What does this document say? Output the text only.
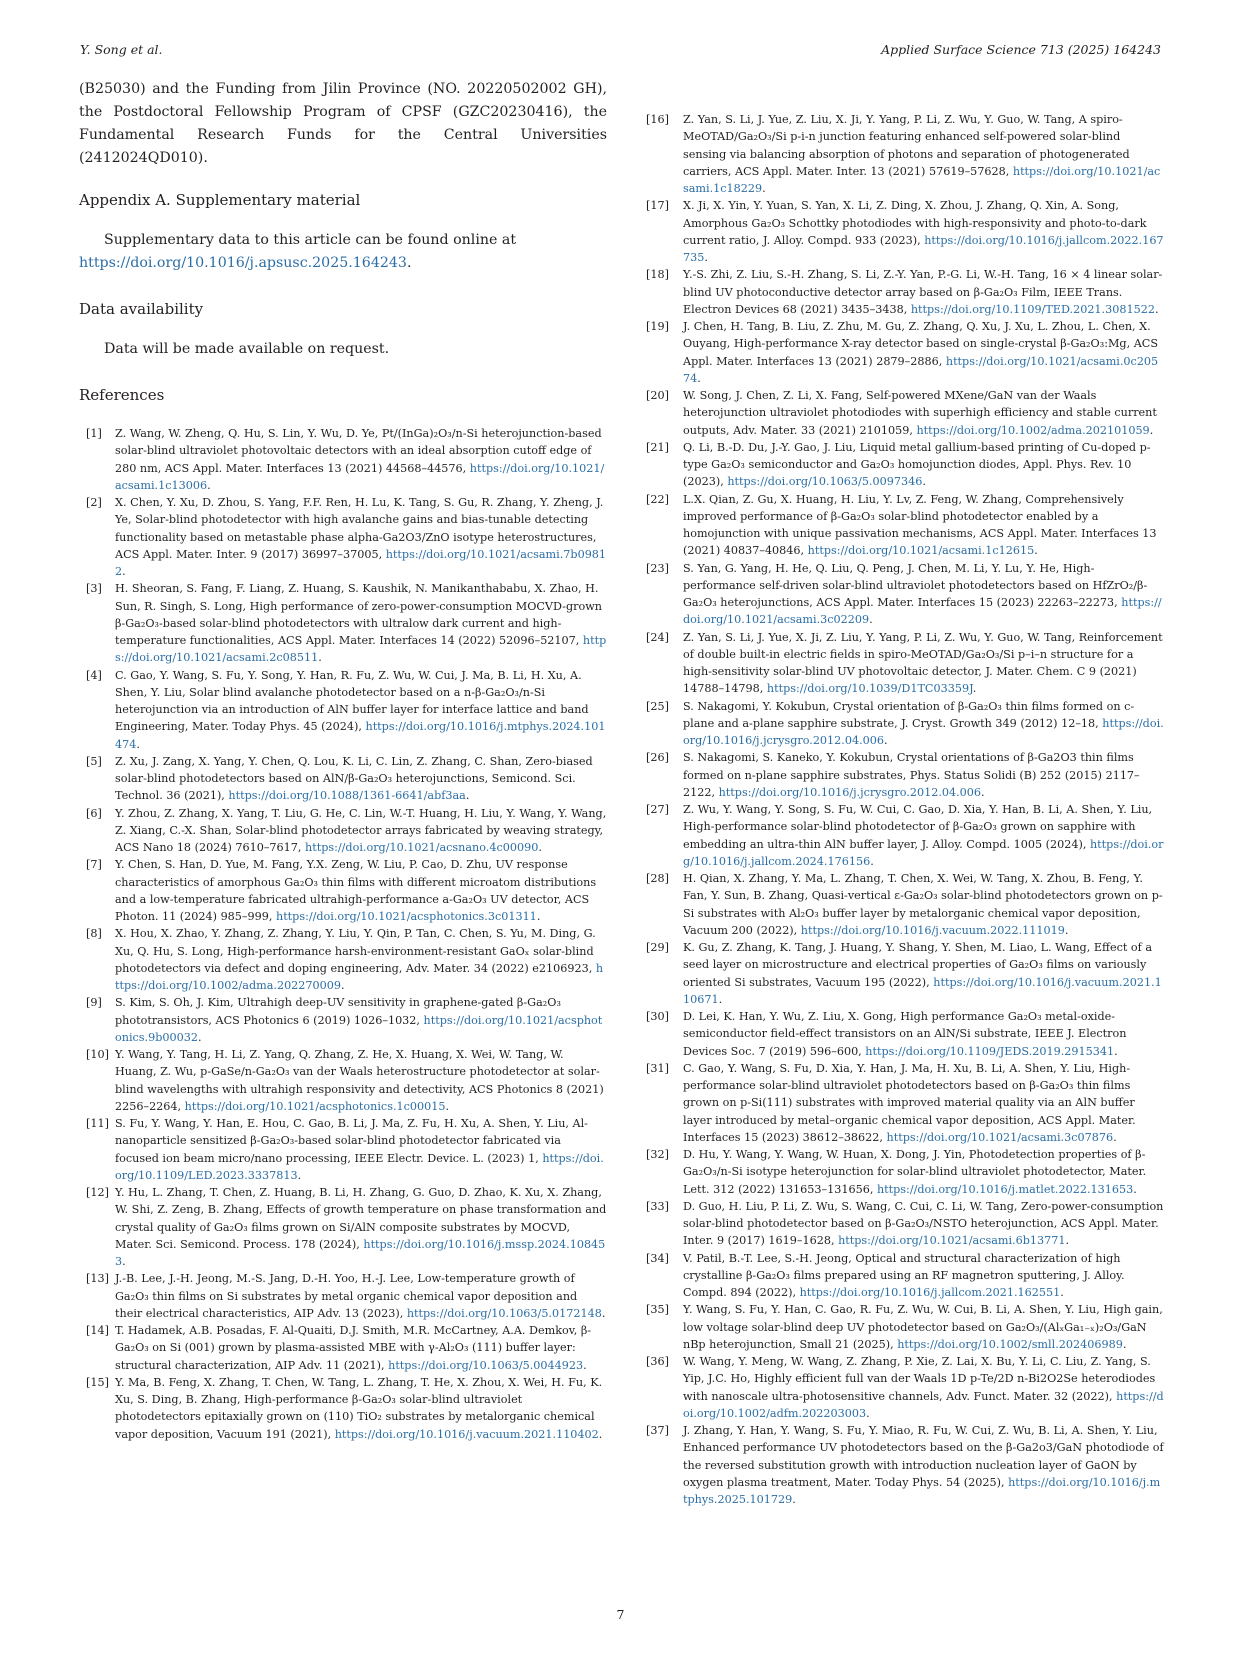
Y. Song et al.	Applied Surface Science 713 (2025) 164243

(B25030) and the Funding from Jilin Province (NO. 20220502002 GH), the Postdoctoral Fellowship Program of CPSF (GZC20230416), the Fundamental Research Funds for the Central Universities (2412024QD010).

Appendix A. Supplementary material

Supplementary data to this article can be found online at https://doi.org/10.1016/j.apsusc.2025.164243.

Data availability

Data will be made available on request.

References
[1]	Z. Wang, W. Zheng, Q. Hu, S. Lin, Y. Wu, D. Ye, Pt/(InGa)₂O₃/n-Si heterojunction-based solar-blind ultraviolet photovoltaic detectors with an ideal absorption cutoff edge of 280 nm, ACS Appl. Mater. Interfaces 13 (2021) 44568–44576, https://doi.org/10.1021/acsami.1c13006.
[2]	X. Chen, Y. Xu, D. Zhou, S. Yang, F.F. Ren, H. Lu, K. Tang, S. Gu, R. Zhang, Y. Zheng, J. Ye, Solar-blind photodetector with high avalanche gains and bias-tunable detecting functionality based on metastable phase alpha-Ga2O3/ZnO isotype heterostructures, ACS Appl. Mater. Inter. 9 (2017) 36997–37005, https://doi.org/10.1021/acsami.7b09812.
[3]	H. Sheoran, S. Fang, F. Liang, Z. Huang, S. Kaushik, N. Manikanthababu, X. Zhao, H. Sun, R. Singh, S. Long, High performance of zero-power-consumption MOCVD-grown β-Ga₂O₃-based solar-blind photodetectors with ultralow dark current and high-temperature functionalities, ACS Appl. Mater. Interfaces 14 (2022) 52096–52107, https://doi.org/10.1021/acsami.2c08511.
[4]	C. Gao, Y. Wang, S. Fu, Y. Song, Y. Han, R. Fu, Z. Wu, W. Cui, J. Ma, B. Li, H. Xu, A. Shen, Y. Liu, Solar blind avalanche photodetector based on a n-β-Ga₂O₃/n-Si heterojunction via an introduction of AlN buffer layer for interface lattice and band Engineering, Mater. Today Phys. 45 (2024), https://doi.org/10.1016/j.mtphys.2024.101474.
[5]	Z. Xu, J. Zang, X. Yang, Y. Chen, Q. Lou, K. Li, C. Lin, Z. Zhang, C. Shan, Zero-biased solar-blind photodetectors based on AlN/β-Ga₂O₃ heterojunctions, Semicond. Sci. Technol. 36 (2021), https://doi.org/10.1088/1361-6641/abf3aa.
[6]	Y. Zhou, Z. Zhang, X. Yang, T. Liu, G. He, C. Lin, W.-T. Huang, H. Liu, Y. Wang, Y. Wang, Z. Xiang, C.-X. Shan, Solar-blind photodetector arrays fabricated by weaving strategy, ACS Nano 18 (2024) 7610–7617, https://doi.org/10.1021/acsnano.4c00090.
[7]	Y. Chen, S. Han, D. Yue, M. Fang, Y.X. Zeng, W. Liu, P. Cao, D. Zhu, UV response characteristics of amorphous Ga₂O₃ thin films with different microatom distributions and a low-temperature fabricated ultrahigh-performance a-Ga₂O₃ UV detector, ACS Photon. 11 (2024) 985–999, https://doi.org/10.1021/acsphotonics.3c01311.
[8]	X. Hou, X. Zhao, Y. Zhang, Z. Zhang, Y. Liu, Y. Qin, P. Tan, C. Chen, S. Yu, M. Ding, G. Xu, Q. Hu, S. Long, High-performance harsh-environment-resistant GaOₓ solar-blind photodetectors via defect and doping engineering, Adv. Mater. 34 (2022) e2106923, https://doi.org/10.1002/adma.202270009.
[9]	S. Kim, S. Oh, J. Kim, Ultrahigh deep-UV sensitivity in graphene-gated β-Ga₂O₃ phototransistors, ACS Photonics 6 (2019) 1026–1032, https://doi.org/10.1021/acsphotonics.9b00032.
[10] Y. Wang, Y. Tang, H. Li, Z. Yang, Q. Zhang, Z. He, X. Huang, X. Wei, W. Tang, W. Huang, Z. Wu, p-GaSe/n-Ga₂O₃ van der Waals heterostructure photodetector at solar-blind wavelengths with ultrahigh responsivity and detectivity, ACS Photonics 8 (2021) 2256–2264, https://doi.org/10.1021/acsphotonics.1c00015.
[11] S. Fu, Y. Wang, Y. Han, E. Hou, C. Gao, B. Li, J. Ma, Z. Fu, H. Xu, A. Shen, Y. Liu, Al-nanoparticle sensitized β-Ga₂O₃-based solar-blind photodetector fabricated via focused ion beam micro/nano processing, IEEE Electr. Device. L. (2023) 1, https://doi.org/10.1109/LED.2023.3337813.
[12] Y. Hu, L. Zhang, T. Chen, Z. Huang, B. Li, H. Zhang, G. Guo, D. Zhao, K. Xu, X. Zhang, W. Shi, Z. Zeng, B. Zhang, Effects of growth temperature on phase transformation and crystal quality of Ga₂O₃ films grown on Si/AlN composite substrates by MOCVD, Mater. Sci. Semicond. Process. 178 (2024), https://doi.org/10.1016/j.mssp.2024.108453.
[13] J.-B. Lee, J.-H. Jeong, M.-S. Jang, D.-H. Yoo, H.-J. Lee, Low-temperature growth of Ga₂O₃ thin films on Si substrates by metal organic chemical vapor deposition and their electrical characteristics, AIP Adv. 13 (2023), https://doi.org/10.1063/5.0172148.
[14] T. Hadamek, A.B. Posadas, F. Al-Quaiti, D.J. Smith, M.R. McCartney, A.A. Demkov, β-Ga₂O₃ on Si (001) grown by plasma-assisted MBE with γ-Al₂O₃ (111) buffer layer: structural characterization, AIP Adv. 11 (2021), https://doi.org/10.1063/5.0044923.
[15] Y. Ma, B. Feng, X. Zhang, T. Chen, W. Tang, L. Zhang, T. He, X. Zhou, X. Wei, H. Fu, K. Xu, S. Ding, B. Zhang, High-performance β-Ga₂O₃ solar-blind ultraviolet photodetectors epitaxially grown on (110) TiO₂ substrates by metalorganic chemical vapor deposition, Vacuum 191 (2021), https://doi.org/10.1016/j.vacuum.2021.110402.
[16]	Z. Yan, S. Li, J. Yue, Z. Liu, X. Ji, Y. Yang, P. Li, Z. Wu, Y. Guo, W. Tang, A spiro-MeOTAD/Ga₂O₃/Si p-i-n junction featuring enhanced self-powered solar-blind sensing via balancing absorption of photons and separation of photogenerated carriers, ACS Appl. Mater. Inter. 13 (2021) 57619–57628, https://doi.org/10.1021/acsami.1c18229.
[17]	X. Ji, X. Yin, Y. Yuan, S. Yan, X. Li, Z. Ding, X. Zhou, J. Zhang, Q. Xin, A. Song, Amorphous Ga₂O₃ Schottky photodiodes with high-responsivity and photo-to-dark current ratio, J. Alloy. Compd. 933 (2023), https://doi.org/10.1016/j.jallcom.2022.167735.
[18]	Y.-S. Zhi, Z. Liu, S.-H. Zhang, S. Li, Z.-Y. Yan, P.-G. Li, W.-H. Tang, 16 × 4 linear solar-blind UV photoconductive detector array based on β-Ga₂O₃ Film, IEEE Trans. Electron Devices 68 (2021) 3435–3438, https://doi.org/10.1109/TED.2021.3081522.
[19]	J. Chen, H. Tang, B. Liu, Z. Zhu, M. Gu, Z. Zhang, Q. Xu, J. Xu, L. Zhou, L. Chen, X. Ouyang, High-performance X-ray detector based on single-crystal β-Ga₂O₃:Mg, ACS Appl. Mater. Interfaces 13 (2021) 2879–2886, https://doi.org/10.1021/acsami.0c20574.
[20]	W. Song, J. Chen, Z. Li, X. Fang, Self-powered MXene/GaN van der Waals heterojunction ultraviolet photodiodes with superhigh efficiency and stable current outputs, Adv. Mater. 33 (2021) 2101059, https://doi.org/10.1002/adma.202101059.
[21]	Q. Li, B.-D. Du, J.-Y. Gao, J. Liu, Liquid metal gallium-based printing of Cu-doped p-type Ga₂O₃ semiconductor and Ga₂O₃ homojunction diodes, Appl. Phys. Rev. 10 (2023), https://doi.org/10.1063/5.0097346.
[22]	L.X. Qian, Z. Gu, X. Huang, H. Liu, Y. Lv, Z. Feng, W. Zhang, Comprehensively improved performance of β-Ga₂O₃ solar-blind photodetector enabled by a homojunction with unique passivation mechanisms, ACS Appl. Mater. Interfaces 13 (2021) 40837–40846, https://doi.org/10.1021/acsami.1c12615.
[23]	S. Yan, G. Yang, H. He, Q. Liu, Q. Peng, J. Chen, M. Li, Y. Lu, Y. He, High-performance self-driven solar-blind ultraviolet photodetectors based on HfZrO₂/β-Ga₂O₃ heterojunctions, ACS Appl. Mater. Interfaces 15 (2023) 22263–22273, https://doi.org/10.1021/acsami.3c02209.
[24]	Z. Yan, S. Li, J. Yue, X. Ji, Z. Liu, Y. Yang, P. Li, Z. Wu, Y. Guo, W. Tang, Reinforcement of double built-in electric fields in spiro-MeOTAD/Ga₂O₃/Si p–i–n structure for a high-sensitivity solar-blind UV photovoltaic detector, J. Mater. Chem. C 9 (2021) 14788–14798, https://doi.org/10.1039/D1TC03359J.
[25]	S. Nakagomi, Y. Kokubun, Crystal orientation of β-Ga₂O₃ thin films formed on c-plane and a-plane sapphire substrate, J. Cryst. Growth 349 (2012) 12–18, https://doi.org/10.1016/j.jcrysgro.2012.04.006.
[26]	S. Nakagomi, S. Kaneko, Y. Kokubun, Crystal orientations of β-Ga2O3 thin films formed on n-plane sapphire substrates, Phys. Status Solidi (B) 252 (2015) 2117–2122, https://doi.org/10.1016/j.jcrysgro.2012.04.006.
[27]	Z. Wu, Y. Wang, Y. Song, S. Fu, W. Cui, C. Gao, D. Xia, Y. Han, B. Li, A. Shen, Y. Liu, High-performance solar-blind photodetector of β-Ga₂O₃ grown on sapphire with embedding an ultra-thin AlN buffer layer, J. Alloy. Compd. 1005 (2024), https://doi.org/10.1016/j.jallcom.2024.176156.
[28]	H. Qian, X. Zhang, Y. Ma, L. Zhang, T. Chen, X. Wei, W. Tang, X. Zhou, B. Feng, Y. Fan, Y. Sun, B. Zhang, Quasi-vertical ε-Ga₂O₃ solar-blind photodetectors grown on p-Si substrates with Al₂O₃ buffer layer by metalorganic chemical vapor deposition, Vacuum 200 (2022), https://doi.org/10.1016/j.vacuum.2022.111019.
[29]	K. Gu, Z. Zhang, K. Tang, J. Huang, Y. Shang, Y. Shen, M. Liao, L. Wang, Effect of a seed layer on microstructure and electrical properties of Ga₂O₃ films on variously oriented Si substrates, Vacuum 195 (2022), https://doi.org/10.1016/j.vacuum.2021.110671.
[30]	D. Lei, K. Han, Y. Wu, Z. Liu, X. Gong, High performance Ga₂O₃ metal-oxide-semiconductor field-effect transistors on an AlN/Si substrate, IEEE J. Electron Devices Soc. 7 (2019) 596–600, https://doi.org/10.1109/JEDS.2019.2915341.
[31]	C. Gao, Y. Wang, S. Fu, D. Xia, Y. Han, J. Ma, H. Xu, B. Li, A. Shen, Y. Liu, High-performance solar-blind ultraviolet photodetectors based on β-Ga₂O₃ thin films grown on p-Si(111) substrates with improved material quality via an AlN buffer layer introduced by metal–organic chemical vapor deposition, ACS Appl. Mater. Interfaces 15 (2023) 38612–38622, https://doi.org/10.1021/acsami.3c07876.
[32]	D. Hu, Y. Wang, Y. Wang, W. Huan, X. Dong, J. Yin, Photodetection properties of β-Ga₂O₃/n-Si isotype heterojunction for solar-blind ultraviolet photodetector, Mater. Lett. 312 (2022) 131653–131656, https://doi.org/10.1016/j.matlet.2022.131653.
[33]	D. Guo, H. Liu, P. Li, Z. Wu, S. Wang, C. Cui, C. Li, W. Tang, Zero-power-consumption solar-blind photodetector based on β-Ga₂O₃/NSTO heterojunction, ACS Appl. Mater. Inter. 9 (2017) 1619–1628, https://doi.org/10.1021/acsami.6b13771.
[34]	V. Patil, B.-T. Lee, S.-H. Jeong, Optical and structural characterization of high crystalline β-Ga₂O₃ films prepared using an RF magnetron sputtering, J. Alloy. Compd. 894 (2022), https://doi.org/10.1016/j.jallcom.2021.162551.
[35]	Y. Wang, S. Fu, Y. Han, C. Gao, R. Fu, Z. Wu, W. Cui, B. Li, A. Shen, Y. Liu, High gain, low voltage solar-blind deep UV photodetector based on Ga₂O₃/(AlₓGa₁₋ₓ)₂O₃/GaN nBp heterojunction, Small 21 (2025), https://doi.org/10.1002/smll.202406989.
[36]	W. Wang, Y. Meng, W. Wang, Z. Zhang, P. Xie, Z. Lai, X. Bu, Y. Li, C. Liu, Z. Yang, S. Yip, J.C. Ho, Highly efficient full van der Waals 1D p-Te/2D n-Bi2O2Se heterodiodes with nanoscale ultra-photosensitive channels, Adv. Funct. Mater. 32 (2022), https://doi.org/10.1002/adfm.202203003.
[37]	J. Zhang, Y. Han, Y. Wang, S. Fu, Y. Miao, R. Fu, W. Cui, Z. Wu, B. Li, A. Shen, Y. Liu, Enhanced performance UV photodetectors based on the β-Ga2o3/GaN photodiode of the reversed substitution growth with introduction nucleation layer of GaON by oxygen plasma treatment, Mater. Today Phys. 54 (2025), https://doi.org/10.1016/j.mtphys.2025.101729.
7
